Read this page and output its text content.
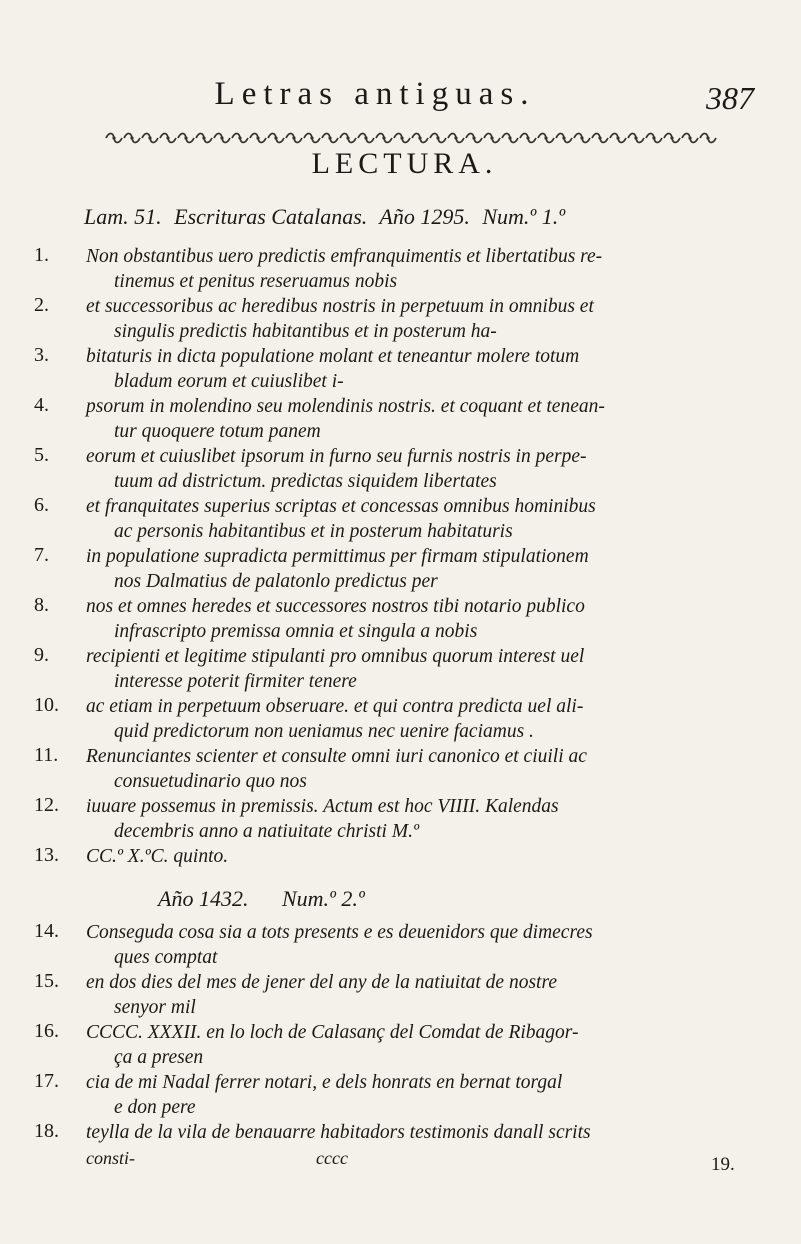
Letras antiguas.	387
LECTURA.
Lam. 51. Escrituras Catalanas. Año 1295. Num.º 1.º
1.	Non obstantibus uero predictis emfranquimentis et libertatibus re-
tinemus et penitus reseruamus nobis
2.	et successoribus ac heredibus nostris in perpetuum in omnibus et
singulis predictis habitantibus et in posterum ha-
3.	bitaturis in dicta populatione molant et teneantur molere totum
bladum eorum et cuiuslibet i-
4.	psorum in molendino seu molendinis nostris. et coquant et tenean-
tur quoquere totum panem
5.	eorum et cuiuslibet ipsorum in furno seu furnis nostris in perpe-
tuum ad districtum. predictas siquidem libertates
6.	et franquitates superius scriptas et concessas omnibus hominibus
ac personis habitantibus et in posterum habitaturis
7.	in populatione supradicta permittimus per firmam stipulationem
nos Dalmatius de palatonlo predictus per
8.	nos et omnes heredes et successores nostros tibi notario publico
infrascripto premissa omnia et singula a nobis
9.	recipienti et legitime stipulanti pro omnibus quorum interest uel
interesse poterit firmiter tenere
10.	ac etiam in perpetuum obseruare. et qui contra predicta uel ali-
quid predictorum non ueniamus nec uenire faciamus .
11.	Renunciantes scienter et consulte omni iuri canonico et ciuili ac
consuetudinario quo nos
12.	iuuare possemus in premissis. Actum est hoc VIIII. Kalendas
decembris anno a natiuitate christi M.º
Año 1432. Num.º 2.º
13.	CC.º X.ºC. quinto.
14.	Conseguda cosa sia a tots presents e es deuenidors que dimecres
ques comptat
15.	en dos dies del mes de jener del any de la natiuitat de nostre
senyor mil
16.	CCCC. XXXII. en lo loch de Calasanç del Comdat de Ribagor-
ça a presen
17.	cia de mi Nadal ferrer notari, e dels honrats en bernat torgal
e don pere
18.	teylla de la vila de benauarre habitadors testimonis danall scrits
consti-	cccc	19.
